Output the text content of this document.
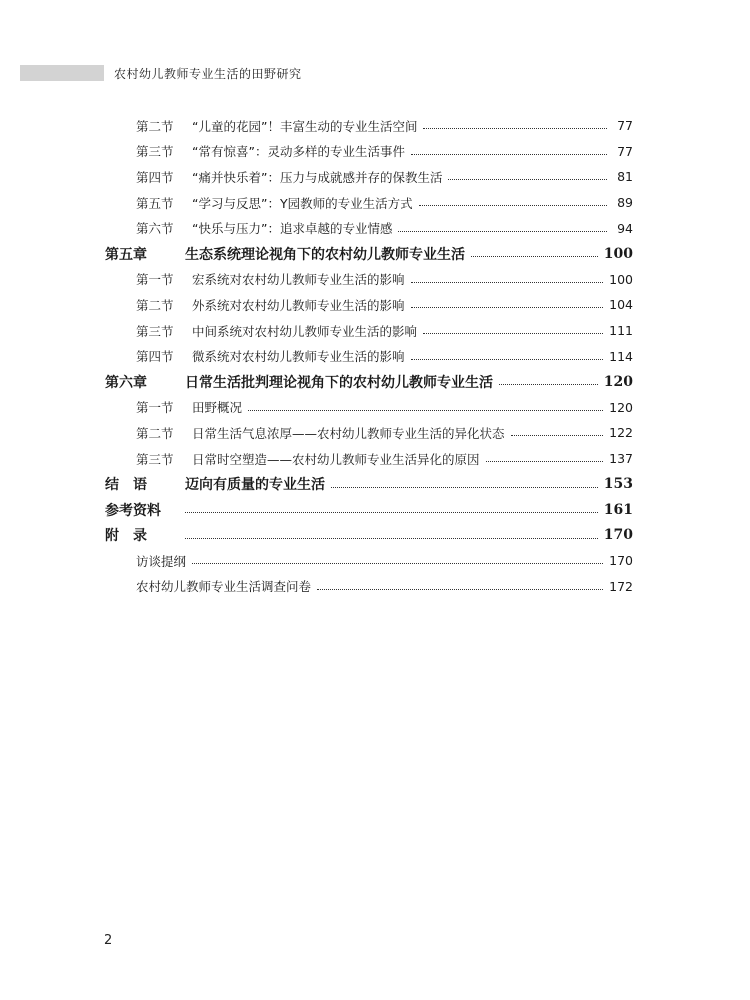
农村幼儿教师专业生活的田野研究
第二节	“儿童的花园”！丰富生动的专业生活空间	77
第三节	“常有惊喜”：灵动多样的专业生活事件	77
第四节	“痛并快乐着”：压力与成就感并存的保教生活	81
第五节	“学习与反思”：Y园教师的专业生活方式	89
第六节	“快乐与压力”：追求卓越的专业情感	94
第五章	生态系统理论视角下的农村幼儿教师专业生活	100
第一节	宏系统对农村幼儿教师专业生活的影响	100
第二节	外系统对农村幼儿教师专业生活的影响	104
第三节	中间系统对农村幼儿教师专业生活的影响	111
第四节	微系统对农村幼儿教师专业生活的影响	114
第六章	日常生活批判理论视角下的农村幼儿教师专业生活	120
第一节	田野概况	120
第二节	日常生活气息浓厚——农村幼儿教师专业生活的异化状态	122
第三节	日常时空塑造——农村幼儿教师专业生活异化的原因	137
结　语	迈向有质量的专业生活	153
参考资料	161
附　录	170
访谈提纲	170
农村幼儿教师专业生活调查问卷	172
2
